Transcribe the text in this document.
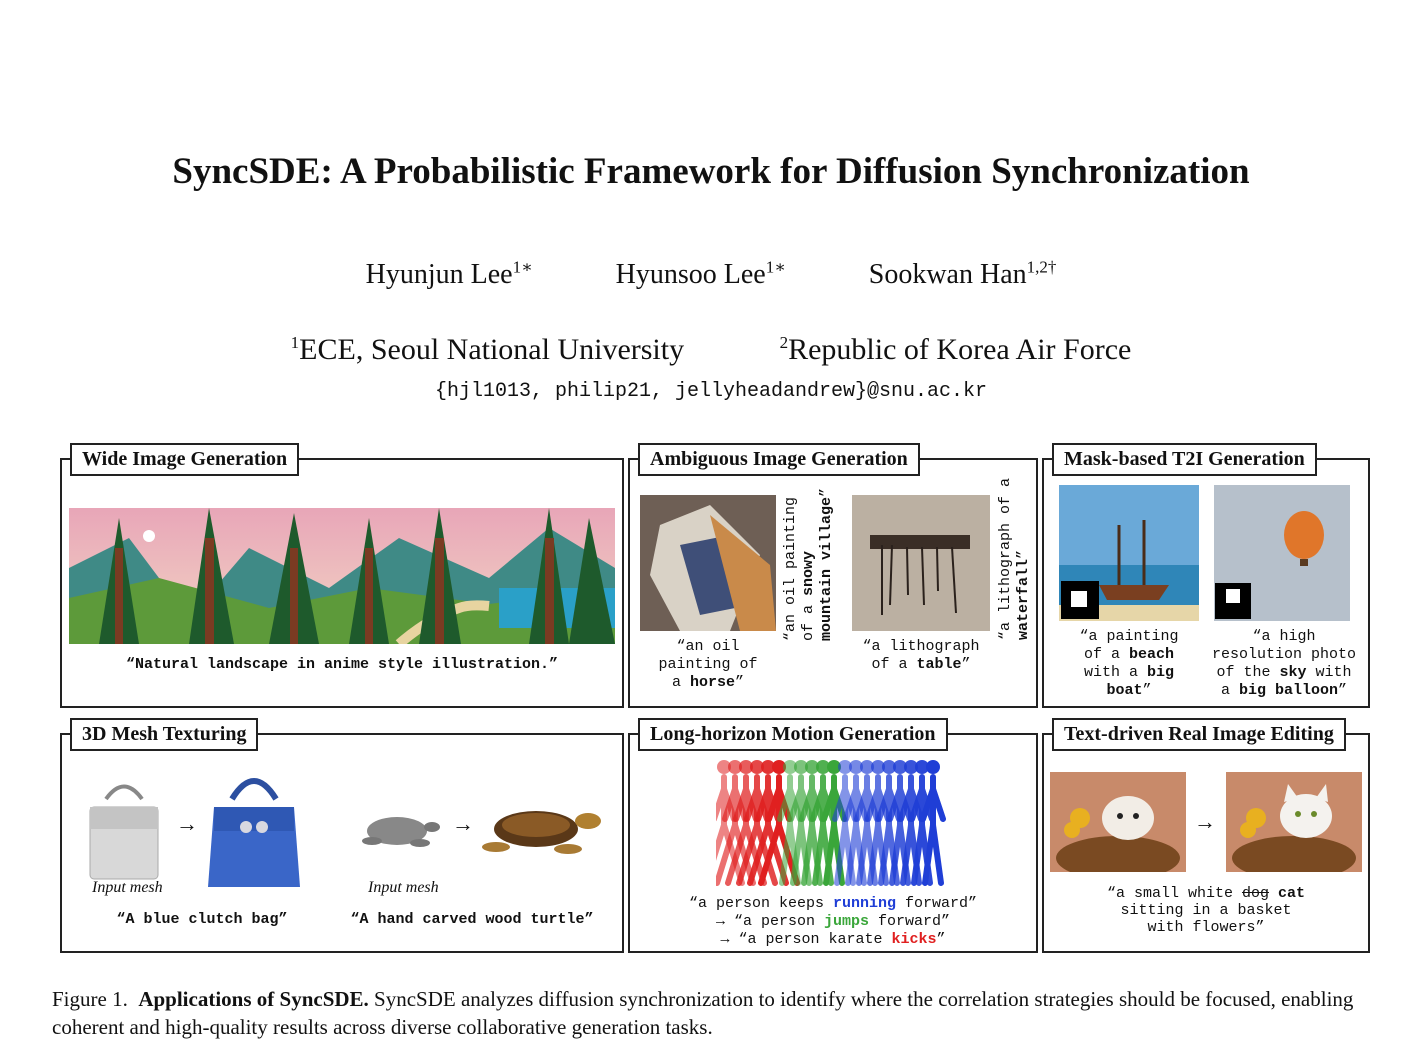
SyncSDE: A Probabilistic Framework for Diffusion Synchronization
Hyunjun Lee$^{1∗}$	Hyunsoo Lee$^{1∗}$	Sookwan Han$^{1,2\dagger}$
$^1$ECE, Seoul National University	$^2$Republic of Korea Air Force
{hjl1013, philip21, jellyheadandrew}@snu.ac.kr
Wide Image Generation
“Natural landscape in anime style illustration.”
Ambiguous Image Generation
“an oil painting
of a snowy
mountain village”	“a lithograph of a
waterfall”
“an oil
painting of
a horse”
“a lithograph
of a table”
Mask-based T2I Generation
“a painting
of a beach
with a big
boat”
“a high
resolution photo
of the sky with
a big balloon”
3D Mesh Texturing
→	→
Input mesh	Input mesh
“A blue clutch bag”	“A hand carved wood turtle”
Long-horizon Motion Generation
“a person keeps running forward”
→ “a person jumps forward”
→ “a person karate kicks”
Text-driven Real Image Editing
→
“a small white dog cat
sitting in a basket
with flowers”
Figure 1. Applications of SyncSDE. SyncSDE analyzes diffusion synchronization to identify where the correlation strategies should be focused, enabling coherent and high-quality results across diverse collaborative generation tasks.
